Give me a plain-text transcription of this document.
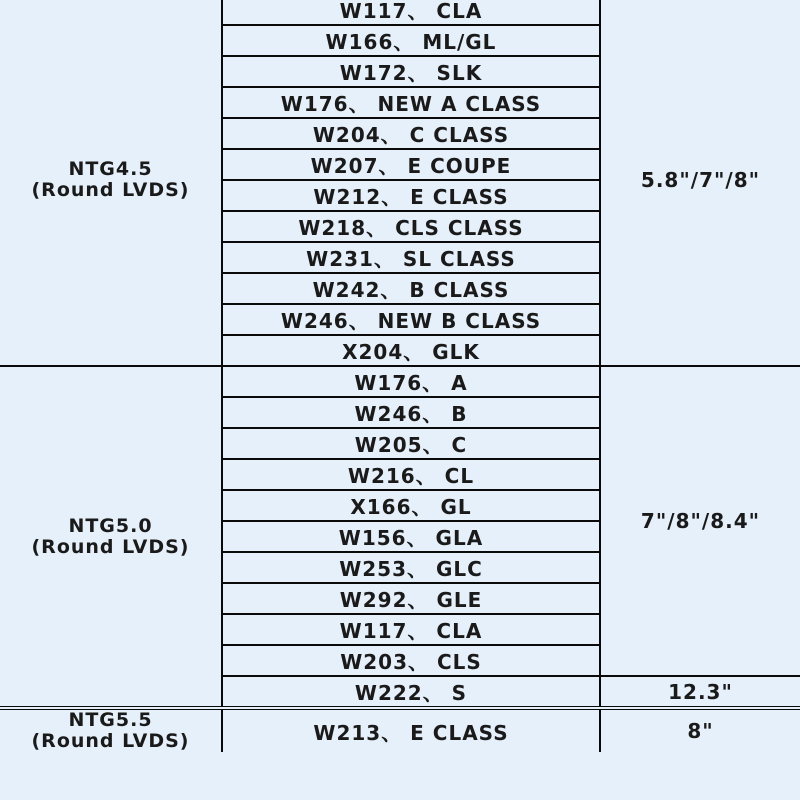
NTG4.5
(Round LVDS)	W117、 CLA	5.8"/7"/8"
	W166、 ML/GL	
	W172、 SLK	
	W176、 NEW A CLASS	
	W204、 C CLASS	
	W207、 E COUPE	
	W212、 E CLASS	
	W218、 CLS CLASS	
	W231、 SL CLASS	
	W242、 B CLASS	
	W246、 NEW B CLASS	
	X204、 GLK	

NTG5.0
(Round LVDS)	W176、 A	7"/8"/8.4"
	W246、 B	
	W205、 C	
	W216、 CL	
	X166、 GL	
	W156、 GLA	
	W253、 GLC	
	W292、 GLE	
	W117、 CLA	
	W203、 CLS	
	W222、 S	12.3"

NTG5.5
(Round LVDS)	W213、 E CLASS	8"
